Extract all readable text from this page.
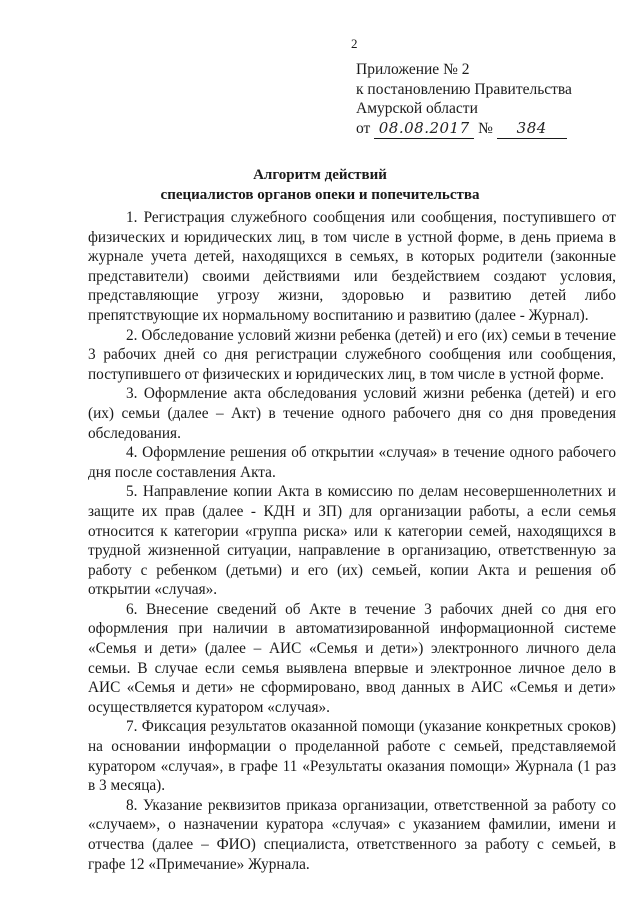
2
Приложение № 2
к постановлению Правительства
Амурской области
от 08.08.2017 № 384
Алгоритм действий
специалистов органов опеки и попечительства

1. Регистрация служебного сообщения или сообщения, поступившего от физических и юридических лиц, в том числе в устной форме, в день приема в журнале учета детей, находящихся в семьях, в которых родители (законные представители) своими действиями или бездействием создают условия, представляющие угрозу жизни, здоровью и развитию детей либо препятствующие их нормальному воспитанию и развитию (далее - Журнал).

2. Обследование условий жизни ребенка (детей) и его (их) семьи в течение 3 рабочих дней со дня регистрации служебного сообщения или сообщения, поступившего от физических и юридических лиц, в том числе в устной форме.

3. Оформление акта обследования условий жизни ребенка (детей) и его (их) семьи (далее – Акт) в течение одного рабочего дня со дня проведения обследования.

4. Оформление решения об открытии «случая» в течение одного рабочего дня после составления Акта.

5. Направление копии Акта в комиссию по делам несовершеннолетних и защите их прав (далее - КДН и ЗП) для организации работы, а если семья относится к категории «группа риска» или к категории семей, находящихся в трудной жизненной ситуации, направление в организацию, ответственную за работу с ребенком (детьми) и его (их) семьей, копии Акта и решения об открытии «случая».

6. Внесение сведений об Акте в течение 3 рабочих дней со дня его оформления при наличии в автоматизированной информационной системе «Семья и дети» (далее – АИС «Семья и дети») электронного личного дела семьи. В случае если семья выявлена впервые и электронное личное дело в АИС «Семья и дети» не сформировано, ввод данных в АИС «Семья и дети» осуществляется куратором «случая».

7. Фиксация результатов оказанной помощи (указание конкретных сроков) на основании информации о проделанной работе с семьей, представляемой куратором «случая», в графе 11 «Результаты оказания помощи» Журнала (1 раз в 3 месяца).

8. Указание реквизитов приказа организации, ответственной за работу со «случаем», о назначении куратора «случая» с указанием фамилии, имени и отчества (далее – ФИО) специалиста, ответственного за работу с семьей, в графе 12 «Примечание» Журнала.
